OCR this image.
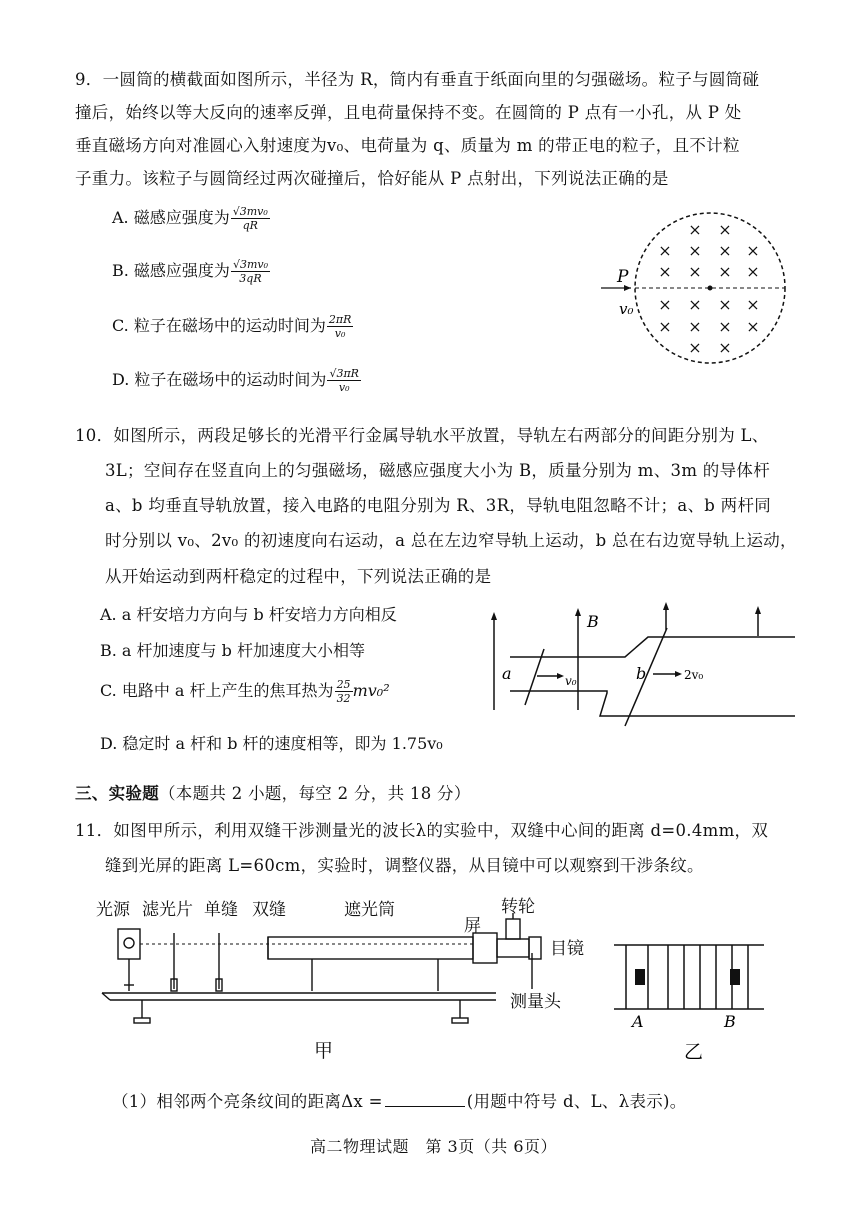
9．一圆筒的横截面如图所示，半径为 R，筒内有垂直于纸面向里的匀强磁场。粒子与圆筒碰
撞后，始终以等大反向的速率反弹，且电荷量保持不变。在圆筒的 P 点有一小孔，从 P 处
垂直磁场方向对准圆心入射速度为v₀、电荷量为 q、质量为 m 的带正电的粒子，且不计粒
子重力。该粒子与圆筒经过两次碰撞后，恰好能从 P 点射出，下列说法正确的是
A. 磁感应强度为 $\frac{\text{√3mv₀}}{qR}$
B. 磁感应强度为 $\frac{\text{√3mv₀}}{3qR}$
C. 粒子在磁场中的运动时间为 $\frac{2\pi R}{\text{v₀}}$
D. 粒子在磁场中的运动时间为 $\frac{√3\pi R}{\text{v₀}}$
P
v₀
× ×
× × × ×
× × × ×
× × × ×
× × × ×
× ×
10．如图所示，两段足够长的光滑平行金属导轨水平放置，导轨左右两部分的间距分别为 L、
3L；空间存在竖直向上的匀强磁场，磁感应强度大小为 B，质量分别为 m、3m 的导体杆
a、b 均垂直导轨放置，接入电路的电阻分别为 R、3R，导轨电阻忽略不计；a、b 两杆同
时分别以 v₀、2v₀ 的初速度向右运动，a 总在左边窄导轨上运动，b 总在右边宽导轨上运动，
从开始运动到两杆稳定的过程中，下列说法正确的是
A. a 杆安培力方向与 b 杆安培力方向相反
B. a 杆加速度与 b 杆加速度大小相等
C. 电路中 a 杆上产生的焦耳热为 $\frac{25}{32} mv_0^2$
D. 稳定时 a 杆和 b 杆的速度相等，即为 1.75v₀
B
a	b
v₀	2v₀
三、实验题（本题共 2 小题，每空 2 分，共 18 分）
11．如图甲所示，利用双缝干涉测量光的波长λ的实验中，双缝中心间的距离 d=0.4mm，双
缝到光屏的距离 L=60cm，实验时，调整仪器，从目镜中可以观察到干涉条纹。
光源 滤光片 单缝 双缝	遮光筒
屏
转轮
目镜
测量头
甲
A	B
乙
（1）相邻两个亮条纹间的距离Δx =	(用题中符号 d、L、λ表示)。
高二物理试题　第 3页（共 6页）
